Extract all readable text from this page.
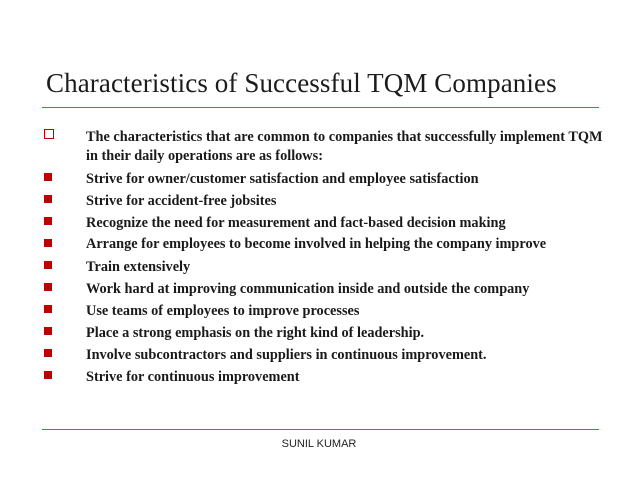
Characteristics of Successful TQM Companies
The characteristics that are common to companies that successfully implement TQM in their daily operations are as follows:
Strive for owner/customer satisfaction and employee satisfaction
Strive for accident-free jobsites
Recognize the need for measurement and fact-based decision making
Arrange for employees to become involved in helping the company improve
Train extensively
Work hard at improving communication inside and outside the company
Use teams of employees to improve processes
Place a strong emphasis on the right kind of leadership.
Involve subcontractors and suppliers in continuous improvement.
Strive for continuous improvement
SUNIL KUMAR
